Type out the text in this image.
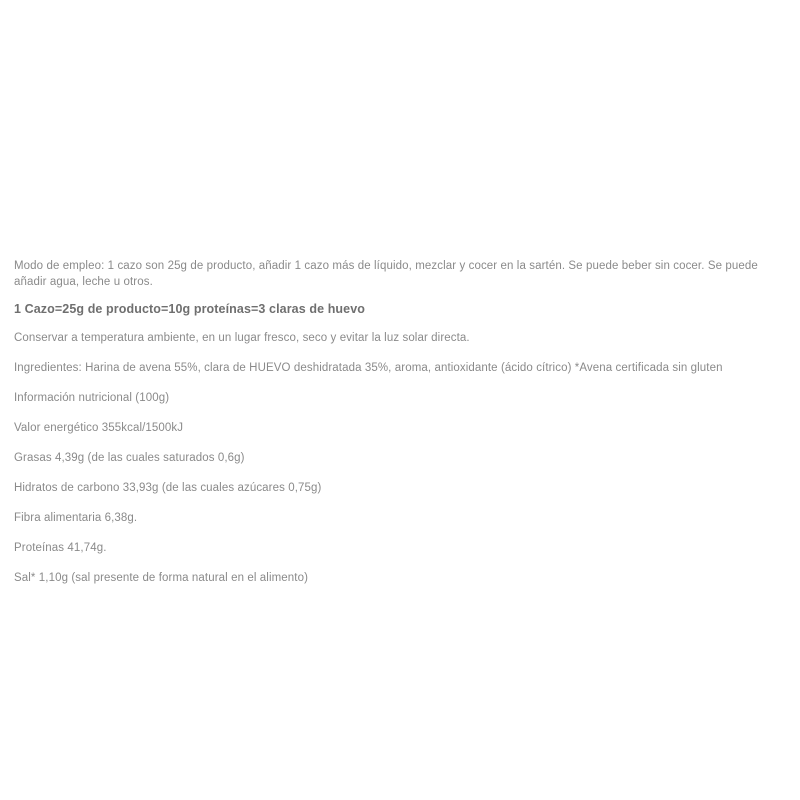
Modo de empleo: 1 cazo son 25g de producto, añadir 1 cazo más de líquido, mezclar y cocer en la sartén. Se puede beber sin cocer. Se puede añadir agua, leche u otros.

1 Cazo=25g de producto=10g proteínas=3 claras de huevo

Conservar a temperatura ambiente, en un lugar fresco, seco y evitar la luz solar directa.

Ingredientes: Harina de avena 55%, clara de HUEVO deshidratada 35%, aroma, antioxidante (ácido cítrico) *Avena certificada sin gluten

Información nutricional (100g)

Valor energético 355kcal/1500kJ
Grasas 4,39g (de las cuales saturados 0,6g)
Hidratos de carbono 33,93g (de las cuales azúcares 0,75g)
Fibra alimentaria 6,38g.
Proteínas 41,74g.
Sal* 1,10g (sal presente de forma natural en el alimento)
